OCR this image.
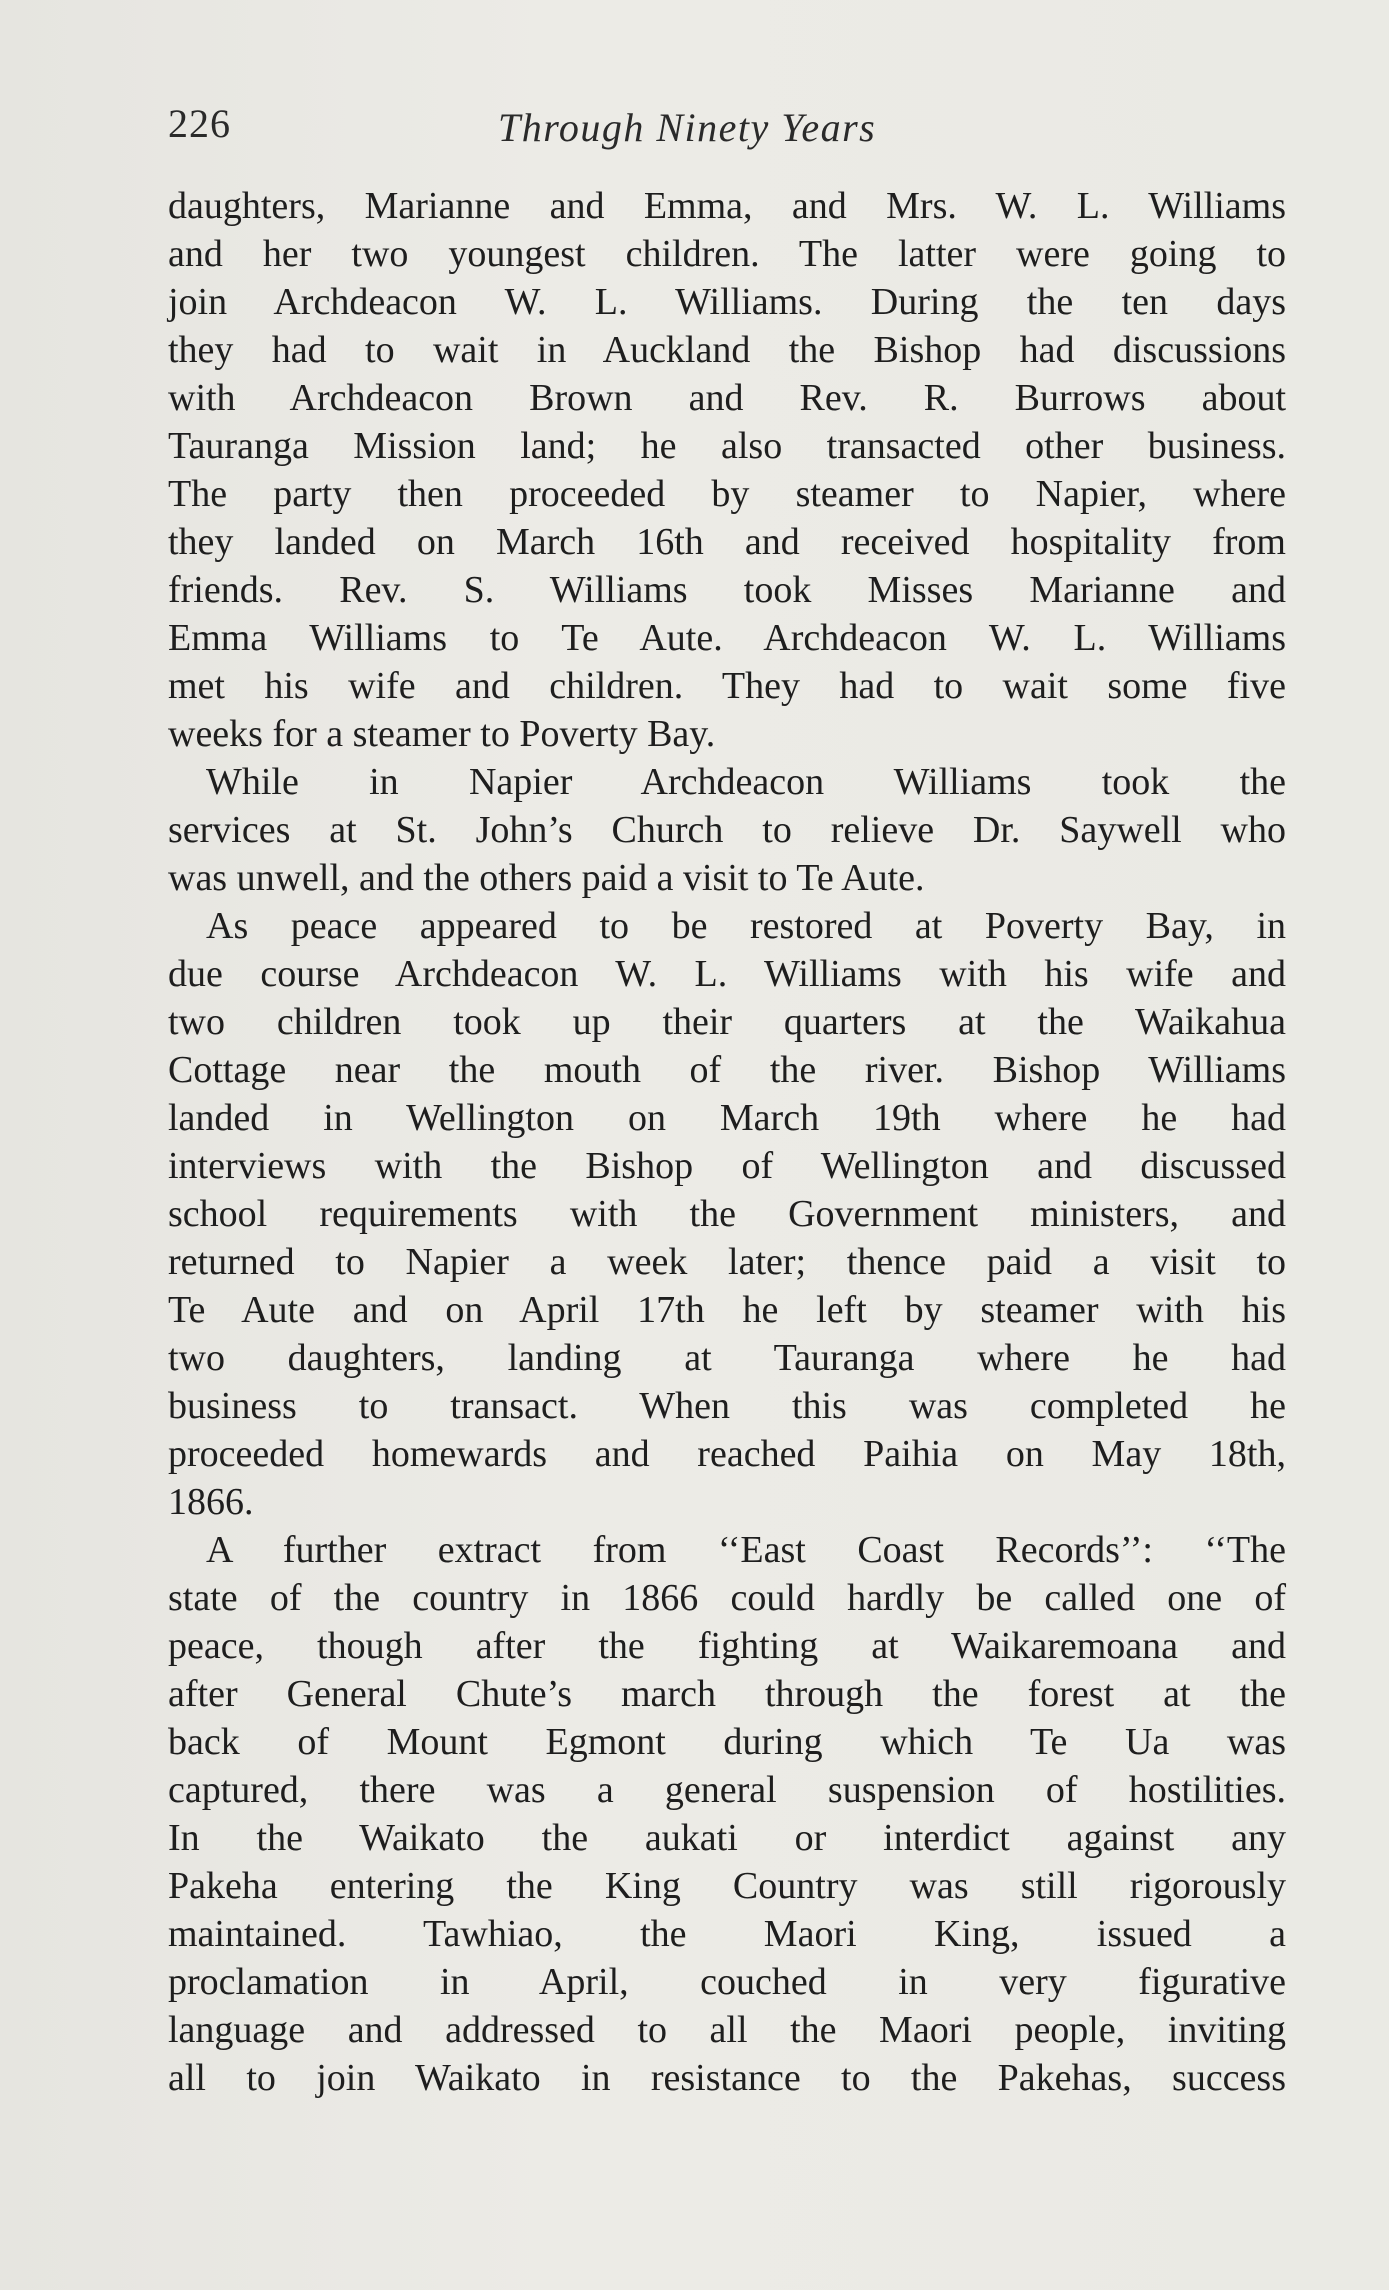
226	Through Ninety Years
daughters, Marianne and Emma, and Mrs. W. L. Williams
and her two youngest children. The latter were going to
join Archdeacon W. L. Williams. During the ten days
they had to wait in Auckland the Bishop had discussions
with Archdeacon Brown and Rev. R. Burrows about
Tauranga Mission land; he also transacted other business.
The party then proceeded by steamer to Napier, where
they landed on March 16th and received hospitality from
friends. Rev. S. Williams took Misses Marianne and
Emma Williams to Te Aute. Archdeacon W. L. Williams
met his wife and children. They had to wait some five
weeks for a steamer to Poverty Bay.
 While in Napier Archdeacon Williams took the
services at St. John’s Church to relieve Dr. Saywell who
was unwell, and the others paid a visit to Te Aute.
 As peace appeared to be restored at Poverty Bay, in
due course Archdeacon W. L. Williams with his wife and
two children took up their quarters at the Waikahua
Cottage near the mouth of the river. Bishop Williams
landed in Wellington on March 19th where he had
interviews with the Bishop of Wellington and discussed
school requirements with the Government ministers, and
returned to Napier a week later; thence paid a visit to
Te Aute and on April 17th he left by steamer with his
two daughters, landing at Tauranga where he had
business to transact. When this was completed he
proceeded homewards and reached Paihia on May 18th,
1866.
 A further extract from ‘‘East Coast Records’’: ‘‘The
state of the country in 1866 could hardly be called one of
peace, though after the fighting at Waikaremoana and
after General Chute’s march through the forest at the
back of Mount Egmont during which Te Ua was
captured, there was a general suspension of hostilities.
In the Waikato the aukati or interdict against any
Pakeha entering the King Country was still rigorously
maintained. Tawhiao, the Maori King, issued a
proclamation in April, couched in very figurative
language and addressed to all the Maori people, inviting
all to join Waikato in resistance to the Pakehas, success
